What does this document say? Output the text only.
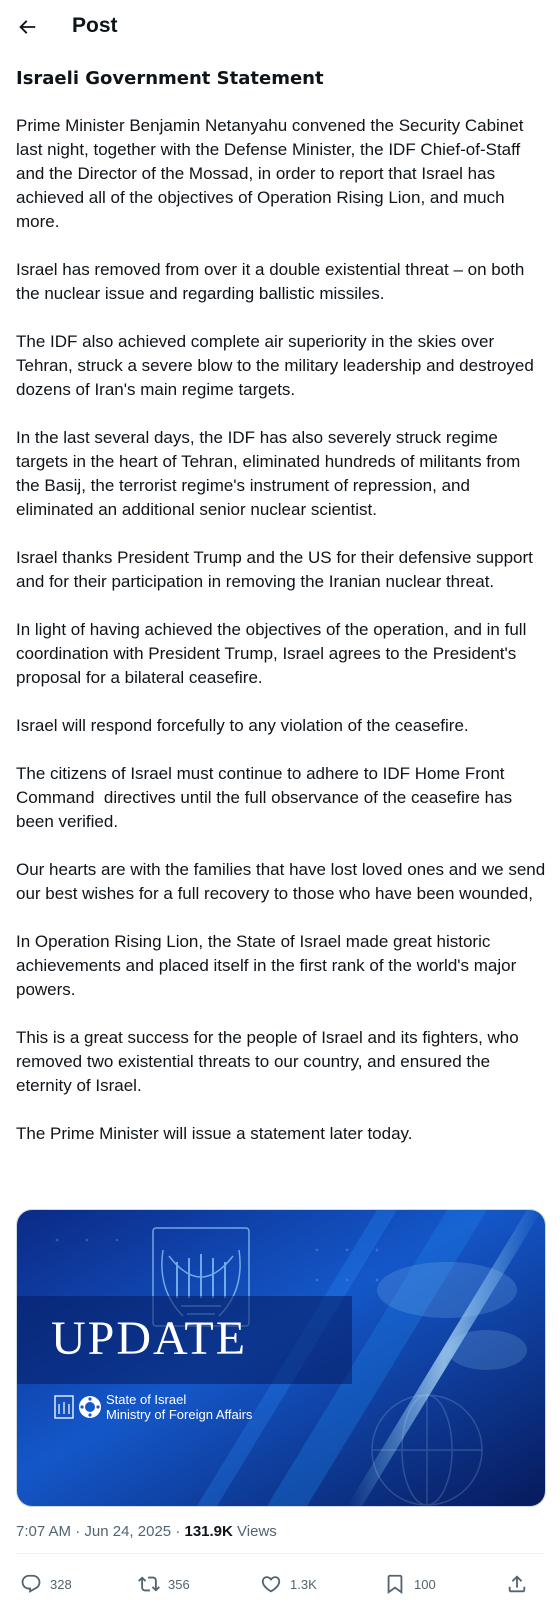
Post
Israeli Government Statement

Prime Minister Benjamin Netanyahu convened the Security Cabinet last night, together with the Defense Minister, the IDF Chief-of-Staff and the Director of the Mossad, in order to report that Israel has achieved all of the objectives of Operation Rising Lion, and much more.

Israel has removed from over it a double existential threat – on both the nuclear issue and regarding ballistic missiles.

The IDF also achieved complete air superiority in the skies over Tehran, struck a severe blow to the military leadership and destroyed dozens of Iran's main regime targets.

In the last several days, the IDF has also severely struck regime targets in the heart of Tehran, eliminated hundreds of militants from the Basij, the terrorist regime's instrument of repression, and eliminated an additional senior nuclear scientist.

Israel thanks President Trump and the US for their defensive support and for their participation in removing the Iranian nuclear threat.

In light of having achieved the objectives of the operation, and in full coordination with President Trump, Israel agrees to the President's proposal for a bilateral ceasefire.

Israel will respond forcefully to any violation of the ceasefire.

The citizens of Israel must continue to adhere to IDF Home Front Command  directives until the full observance of the ceasefire has been verified.

Our hearts are with the families that have lost loved ones and we send our best wishes for a full recovery to those who have been wounded,

In Operation Rising Lion, the State of Israel made great historic achievements and placed itself in the first rank of the world's major powers.

This is a great success for the people of Israel and its fighters, who removed two existential threats to our country, and ensured the eternity of Israel.

The Prime Minister will issue a statement later today.

UPDATE
State of Israel
Ministry of Foreign Affairs
7:07 AM · Jun 24, 2025 · 131.9K Views
328	356	1.3K	100
